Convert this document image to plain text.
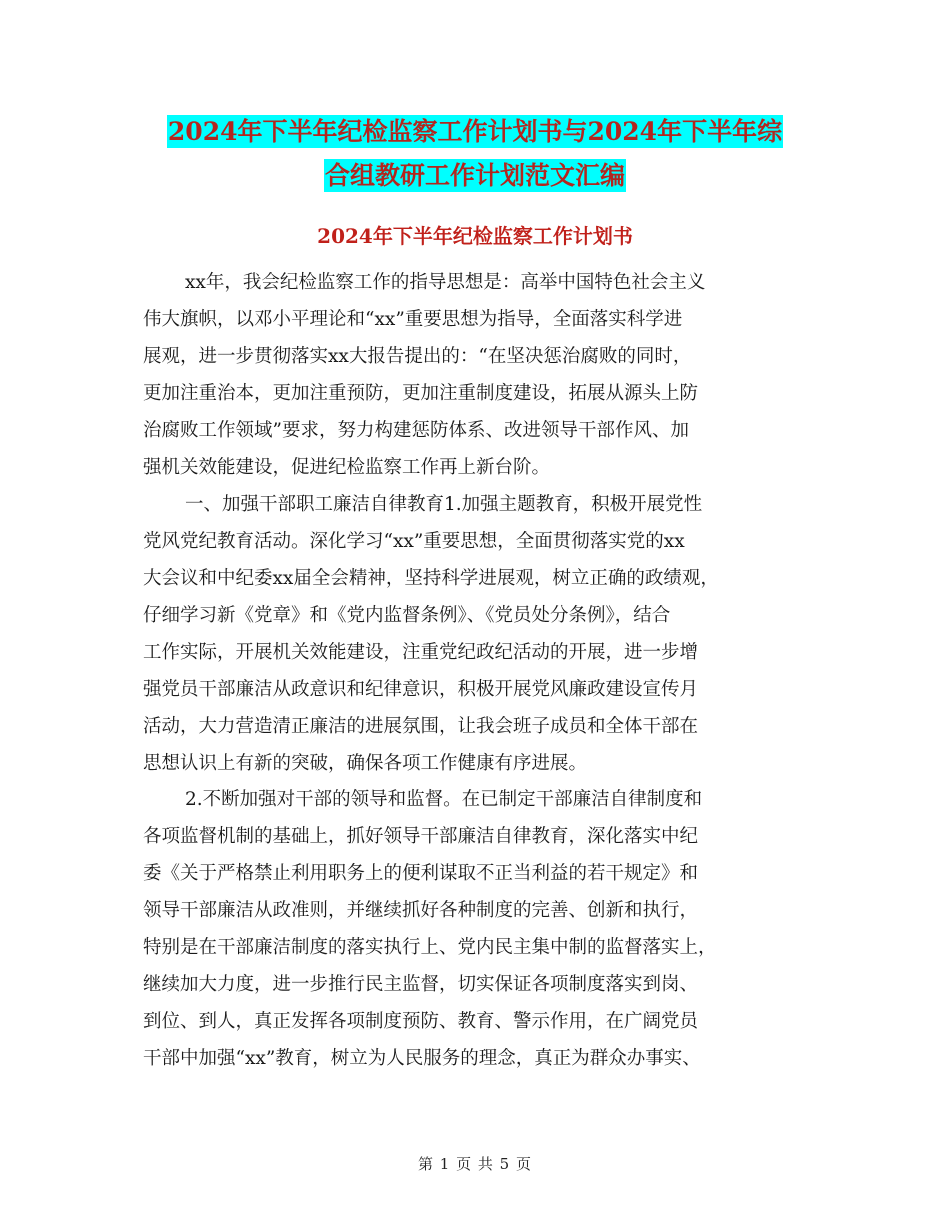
2024年下半年纪检监察工作计划书与2024年下半年综
合组教研工作计划范文汇编
2024年下半年纪检监察工作计划书
xx年，我会纪检监察工作的指导思想是：高举中国特色社会主义
伟大旗帜，以邓小平理论和“xx”重要思想为指导，全面落实科学进
展观，进一步贯彻落实xx大报告提出的：“在坚决惩治腐败的同时，
更加注重治本，更加注重预防，更加注重制度建设，拓展从源头上防
治腐败工作领域”要求，努力构建惩防体系、改进领导干部作风、加
强机关效能建设，促进纪检监察工作再上新台阶。
一、加强干部职工廉洁自律教育1.加强主题教育，积极开展党性
党风党纪教育活动。深化学习“xx”重要思想，全面贯彻落实党的xx
大会议和中纪委xx届全会精神，坚持科学进展观，树立正确的政绩观，
仔细学习新《党章》和《党内监督条例》、《党员处分条例》，结合
工作实际，开展机关效能建设，注重党纪政纪活动的开展，进一步增
强党员干部廉洁从政意识和纪律意识，积极开展党风廉政建设宣传月
活动，大力营造清正廉洁的进展氛围，让我会班子成员和全体干部在
思想认识上有新的突破，确保各项工作健康有序进展。
2.不断加强对干部的领导和监督。在已制定干部廉洁自律制度和
各项监督机制的基础上，抓好领导干部廉洁自律教育，深化落实中纪
委《关于严格禁止利用职务上的便利谋取不正当利益的若干规定》和
领导干部廉洁从政准则，并继续抓好各种制度的完善、创新和执行，
特别是在干部廉洁制度的落实执行上、党内民主集中制的监督落实上，
继续加大力度，进一步推行民主监督，切实保证各项制度落实到岗、
到位、到人，真正发挥各项制度预防、教育、警示作用，在广阔党员
干部中加强“xx”教育，树立为人民服务的理念，真正为群众办事实、
第 1 页 共 5 页
